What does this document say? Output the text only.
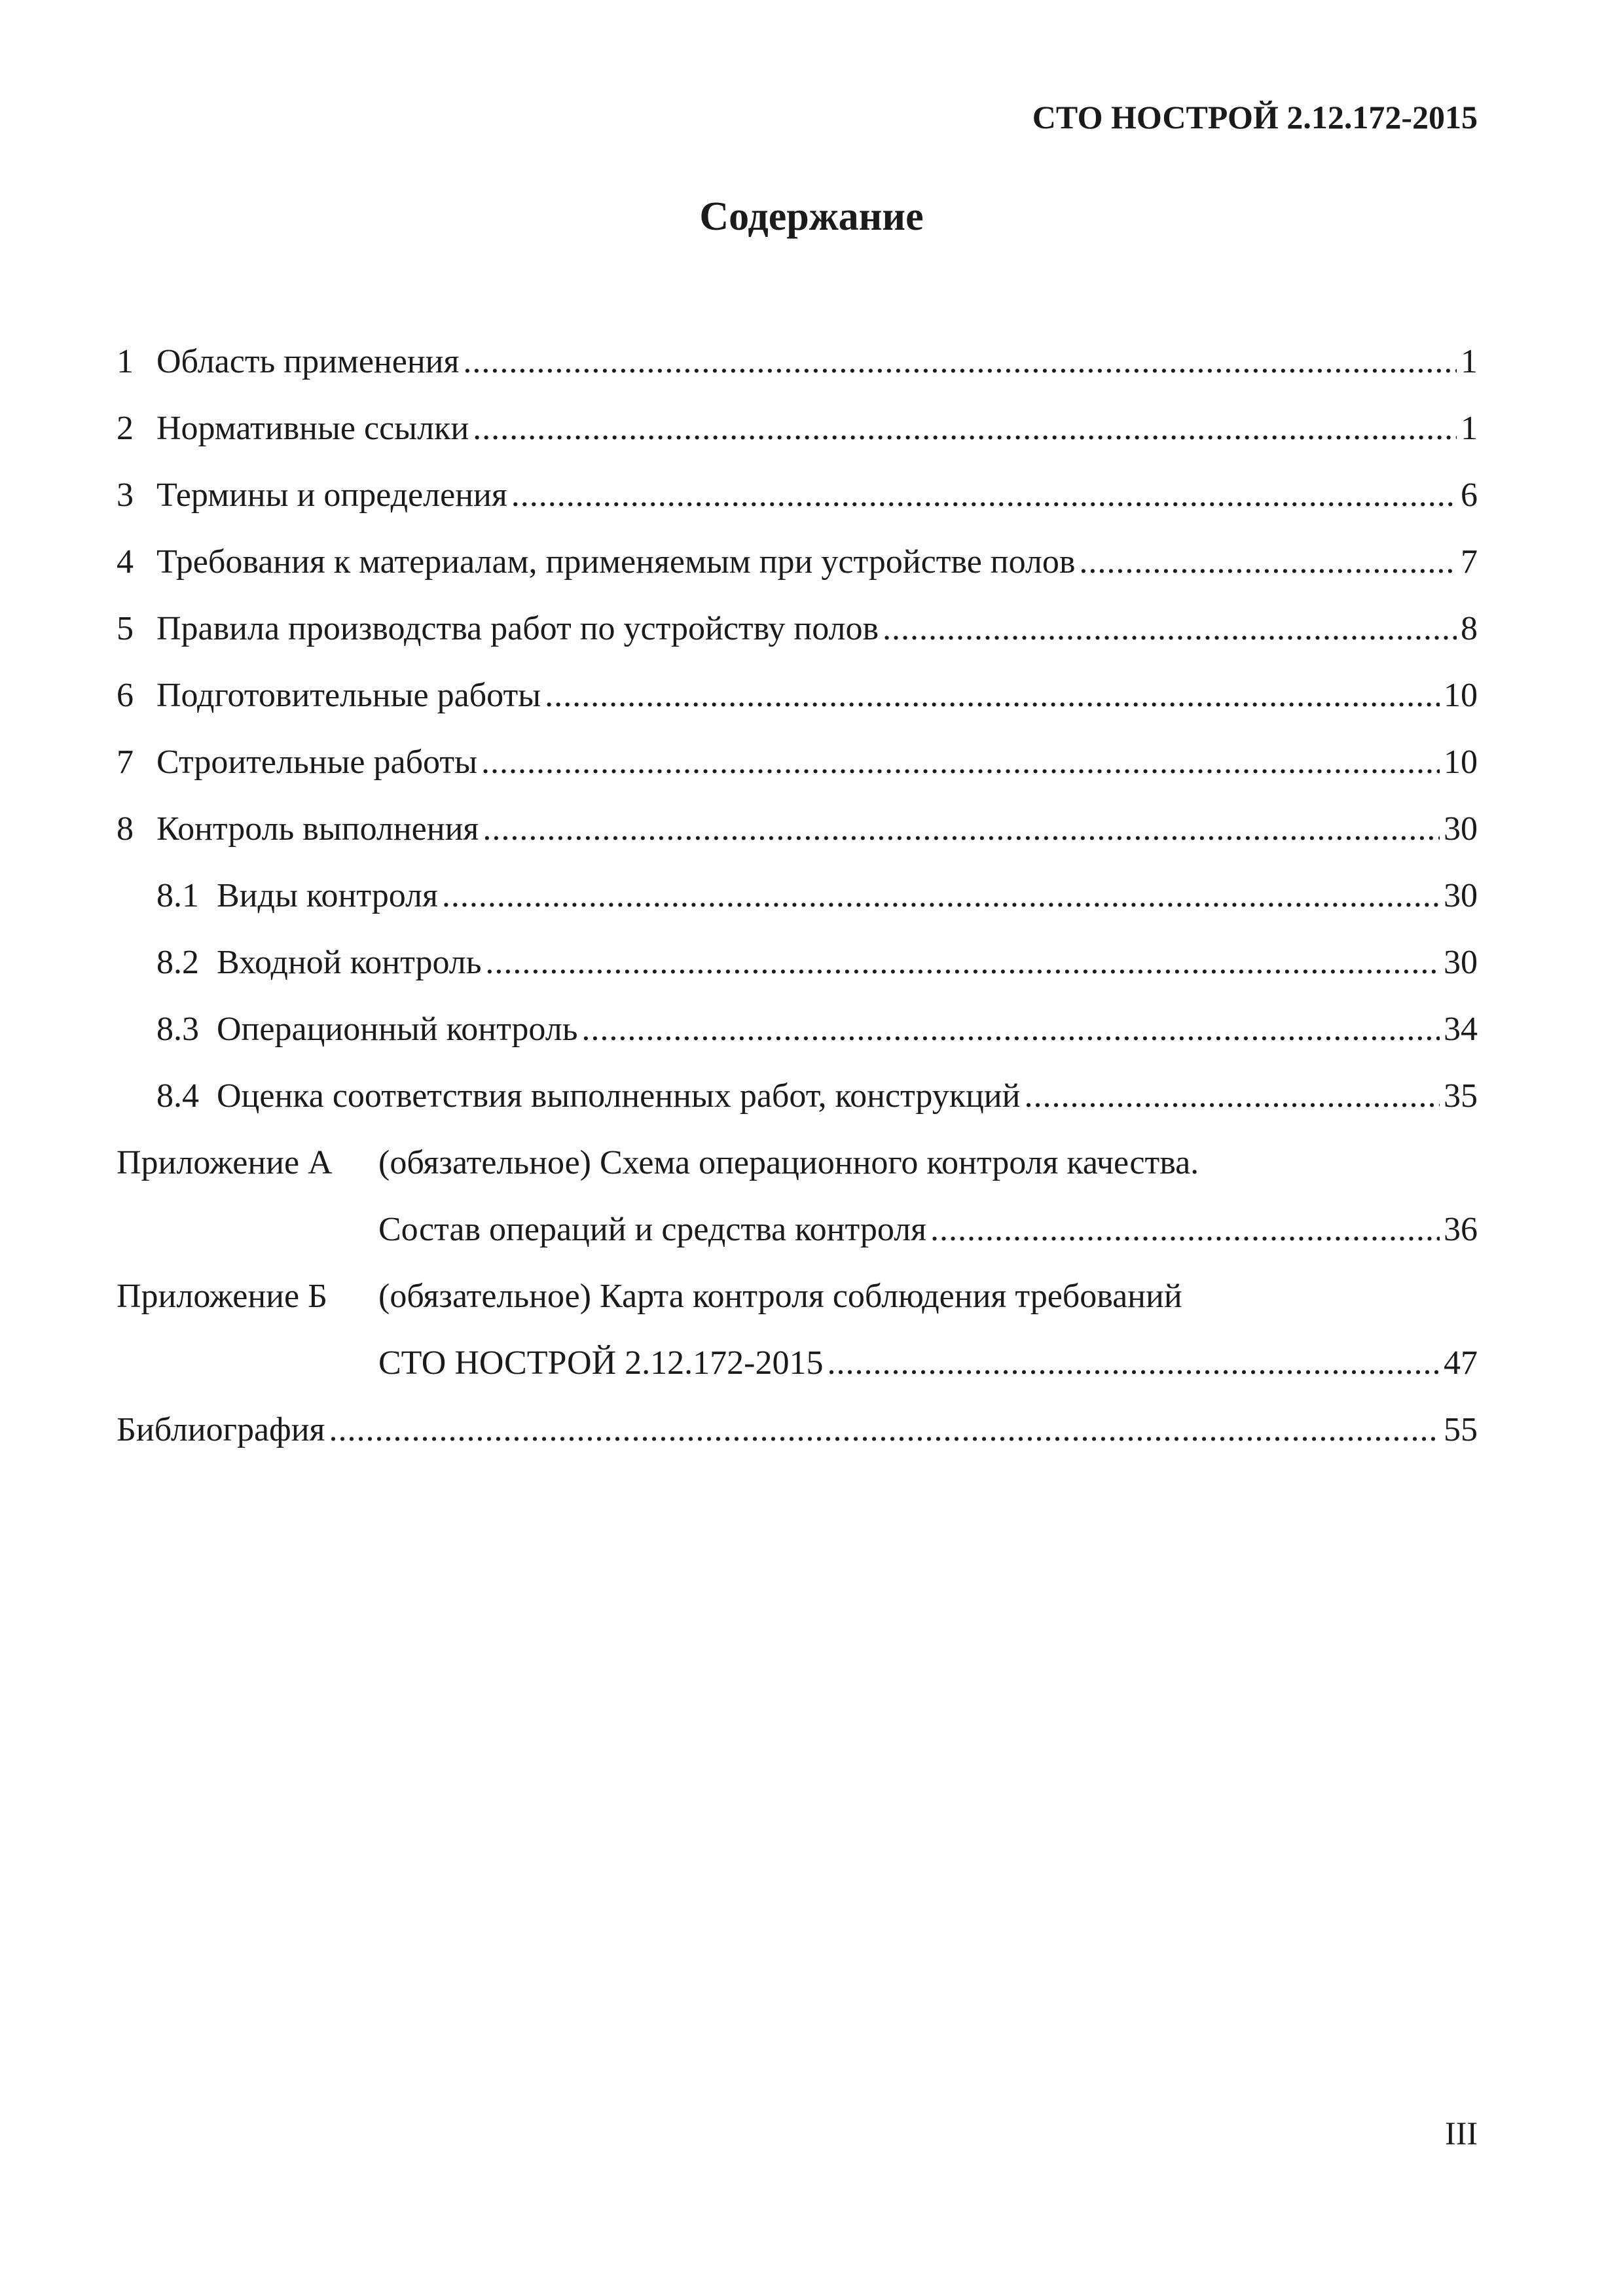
СТО НОСТРОЙ 2.12.172-2015
Содержание
1 Область применения .....	1
2 Нормативные ссылки .....	1
3 Термины и определения .....	6
4 Требования к материалам, применяемым при устройстве полов .....	7
5 Правила производства работ по устройству полов .....	8
6 Подготовительные работы .....	10
7 Строительные работы .....	10
8 Контроль выполнения .....	30
8.1 Виды контроля .....	30
8.2 Входной контроль .....	30
8.3 Операционный контроль .....	34
8.4 Оценка соответствия выполненных работ, конструкций .....	35
Приложение А	(обязательное) Схема операционного контроля качества.
Состав операций и средства контроля .....	36
Приложение Б	(обязательное) Карта контроля соблюдения требований
СТО НОСТРОЙ 2.12.172-2015 .....	47
Библиография .....	55
III
